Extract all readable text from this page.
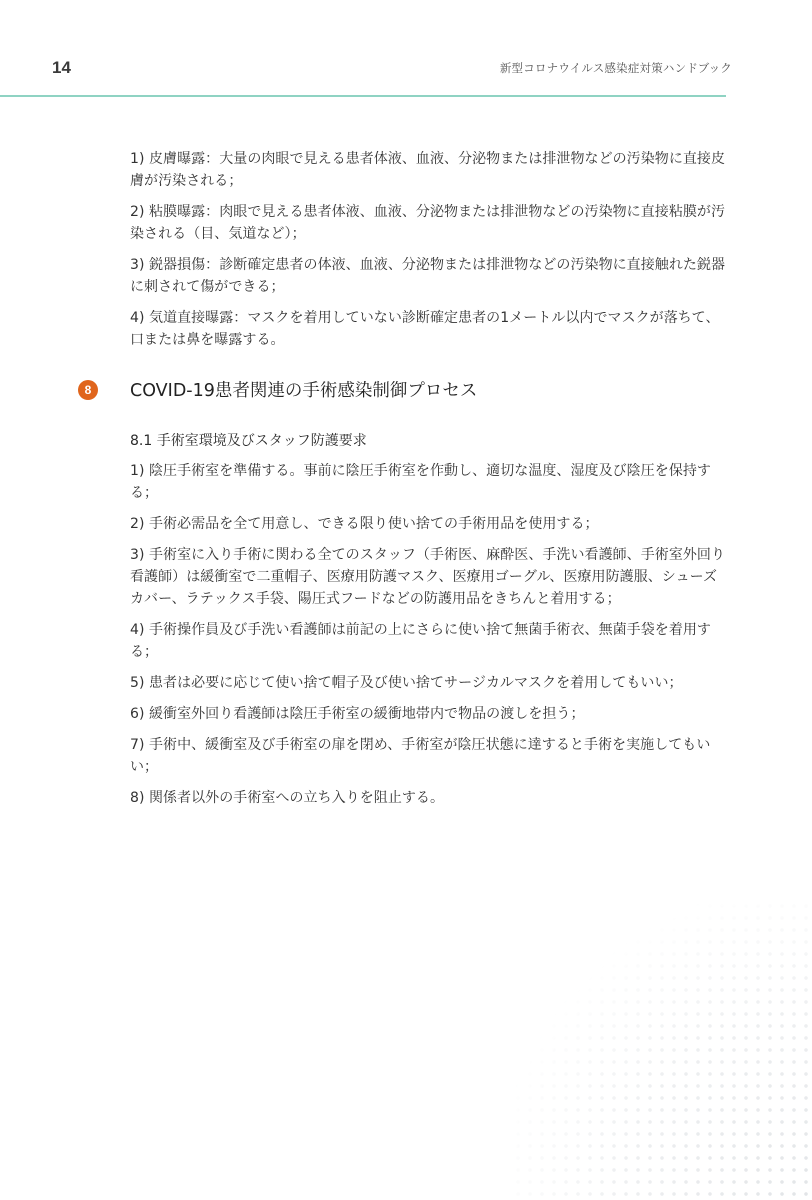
14	新型コロナウイルス感染症対策ハンドブック

1) 皮膚曝露：大量の肉眼で見える患者体液、血液、分泌物または排泄物などの汚染物に直接皮膚が汚染される；

2) 粘膜曝露：肉眼で見える患者体液、血液、分泌物または排泄物などの汚染物に直接粘膜が汚染される（目、気道など）；

3) 鋭器損傷：診断確定患者の体液、血液、分泌物または排泄物などの汚染物に直接触れた鋭器に刺されて傷ができる；

4) 気道直接曝露：マスクを着用していない診断確定患者の1メートル以内でマスクが落ちて、口または鼻を曝露する。

8	COVID-19患者関連の手術感染制御プロセス
8.1 手術室環境及びスタッフ防護要求

1) 陰圧手術室を準備する。事前に陰圧手術室を作動し、適切な温度、湿度及び陰圧を保持する；

2) 手術必需品を全て用意し、できる限り使い捨ての手術用品を使用する；

3) 手術室に入り手術に関わる全てのスタッフ（手術医、麻酔医、手洗い看護師、手術室外回り看護師）は緩衝室で二重帽子、医療用防護マスク、医療用ゴーグル、医療用防護服、シューズカバー、ラテックス手袋、陽圧式フードなどの防護用品をきちんと着用する；

4) 手術操作員及び手洗い看護師は前記の上にさらに使い捨て無菌手術衣、無菌手袋を着用する；

5) 患者は必要に応じて使い捨て帽子及び使い捨てサージカルマスクを着用してもいい；

6) 緩衝室外回り看護師は陰圧手術室の緩衝地帯内で物品の渡しを担う；

7) 手術中、緩衝室及び手術室の扉を閉め、手術室が陰圧状態に達すると手術を実施してもいい；

8) 関係者以外の手術室への立ち入りを阻止する。
